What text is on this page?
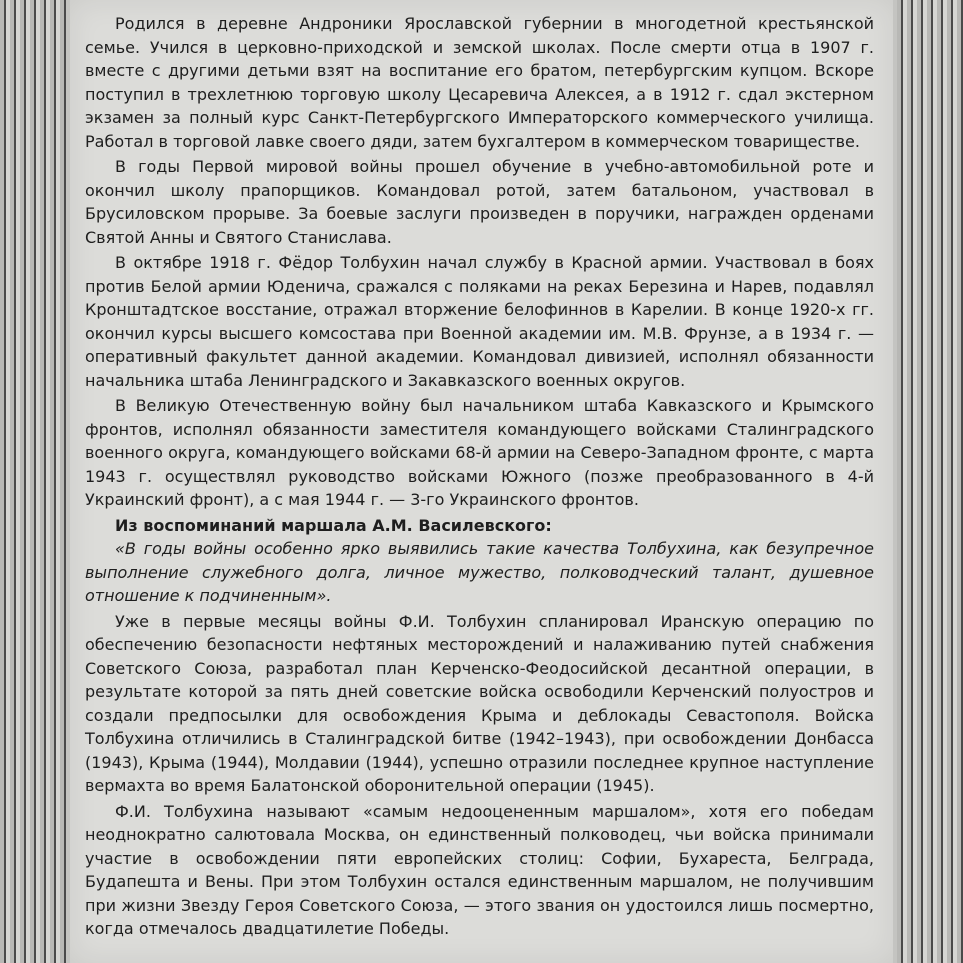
Родился в деревне Андроники Ярославской губернии в многодетной крестьянской семье. Учился в церковно-приходской и земской школах. После смерти отца в 1907 г. вместе с другими детьми взят на воспитание его братом, петербургским купцом. Вскоре поступил в трехлетнюю торговую школу Цесаревича Алексея, а в 1912 г. сдал экстерном экзамен за полный курс Санкт-Петербургского Императорского коммерческого училища. Работал в торговой лавке своего дяди, затем бухгалтером в коммерческом товариществе.

В годы Первой мировой войны прошел обучение в учебно-автомобильной роте и окончил школу прапорщиков. Командовал ротой, затем батальоном, участвовал в Брусиловском прорыве. За боевые заслуги произведен в поручики, награжден орденами Святой Анны и Святого Станислава.

В октябре 1918 г. Фёдор Толбухин начал службу в Красной армии. Участвовал в боях против Белой армии Юденича, сражался с поляками на реках Березина и Нарев, подавлял Кронштадтское восстание, отражал вторжение белофиннов в Карелии. В конце 1920-х гг. окончил курсы высшего комсостава при Военной академии им. М.В. Фрунзе, а в 1934 г. — оперативный факультет данной академии. Командовал дивизией, исполнял обязанности начальника штаба Ленинградского и Закавказского военных округов.

В Великую Отечественную войну был начальником штаба Кавказского и Крымского фронтов, исполнял обязанности заместителя командующего войсками Сталинградского военного округа, командующего войсками 68-й армии на Северо-Западном фронте, с марта 1943 г. осуществлял руководство войсками Южного (позже преобразованного в 4-й Украинский фронт), а с мая 1944 г. — 3-го Украинского фронтов.

Из воспоминаний маршала А.М. Василевского:

«В годы войны особенно ярко выявились такие качества Толбухина, как безупречное выполнение служебного долга, личное мужество, полководческий талант, душевное отношение к подчиненным».

Уже в первые месяцы войны Ф.И. Толбухин спланировал Иранскую операцию по обеспечению безопасности нефтяных месторождений и налаживанию путей снабжения Советского Союза, разработал план Керченско-Феодосийской десантной операции, в результате которой за пять дней советские войска освободили Керченский полуостров и создали предпосылки для освобождения Крыма и деблокады Севастополя. Войска Толбухина отличились в Сталинградской битве (1942–1943), при освобождении Донбасса (1943), Крыма (1944), Молдавии (1944), успешно отразили последнее крупное наступление вермахта во время Балатонской оборонительной операции (1945).

Ф.И. Толбухина называют «самым недооцененным маршалом», хотя его победам неоднократно салютовала Москва, он единственный полководец, чьи войска принимали участие в освобождении пяти европейских столиц: Софии, Бухареста, Белграда, Будапешта и Вены. При этом Толбухин остался единственным маршалом, не получившим при жизни Звезду Героя Советского Союза, — этого звания он удостоился лишь посмертно, когда отмечалось двадцатилетие Победы.
